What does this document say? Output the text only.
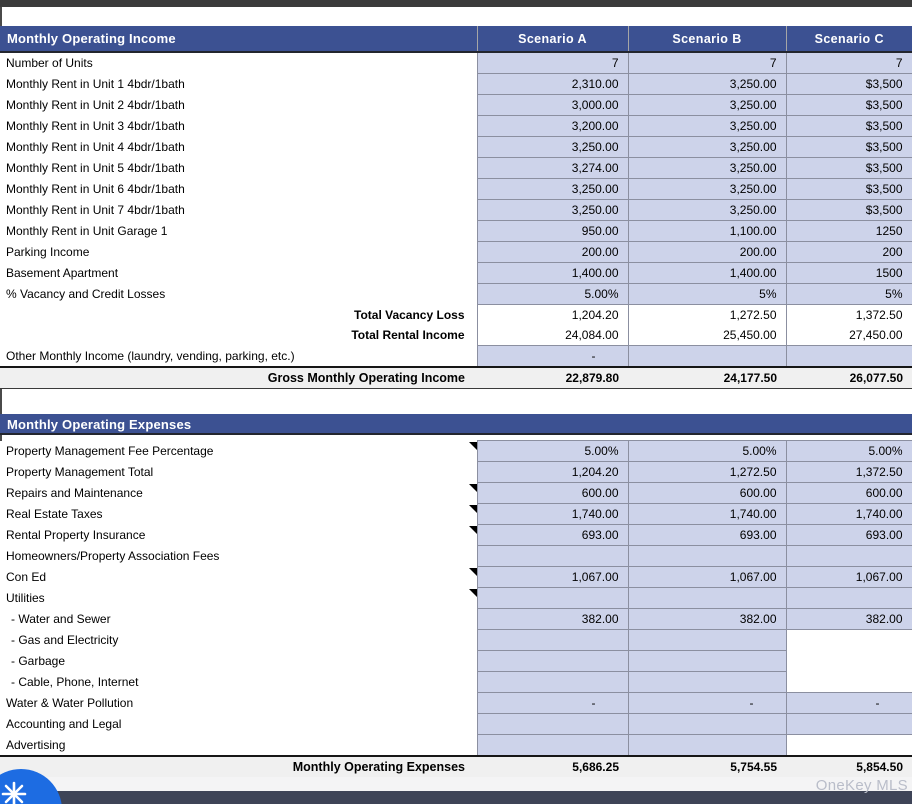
Monthly Operating Income	Scenario A	Scenario B	Scenario C
Number of Units	7	7	7
Monthly Rent in Unit 1 4bdr/1bath	2,310.00	3,250.00	$3,500
Monthly Rent in Unit 2 4bdr/1bath	3,000.00	3,250.00	$3,500
Monthly Rent in Unit 3 4bdr/1bath	3,200.00	3,250.00	$3,500
Monthly Rent in Unit 4 4bdr/1bath	3,250.00	3,250.00	$3,500
Monthly Rent in Unit 5 4bdr/1bath	3,274.00	3,250.00	$3,500
Monthly Rent in Unit 6 4bdr/1bath	3,250.00	3,250.00	$3,500
Monthly Rent in Unit 7 4bdr/1bath	3,250.00	3,250.00	$3,500
Monthly Rent in Unit Garage 1	950.00	1,100.00	1250
Parking Income	200.00	200.00	200
Basement Apartment	1,400.00	1,400.00	1500
% Vacancy and Credit Losses	5.00%	5%	5%
Total Vacancy Loss	1,204.20	1,272.50	1,372.50
Total Rental Income	24,084.00	25,450.00	27,450.00
Other Monthly Income (laundry, vending, parking, etc.)	-		
Gross Monthly Operating Income	22,879.80	24,177.50	26,077.50
Monthly Operating Expenses
Property Management Fee Percentage	5.00%	5.00%	5.00%
Property Management Total	1,204.20	1,272.50	1,372.50
Repairs and Maintenance	600.00	600.00	600.00
Real Estate Taxes	1,740.00	1,740.00	1,740.00
Rental Property Insurance	693.00	693.00	693.00
Homeowners/Property Association Fees			
Con Ed	1,067.00	1,067.00	1,067.00
Utilities

- Water and Sewer	382.00	382.00	382.00
- Gas and Electricity			
- Garbage			
- Cable, Phone, Internet			
Water & Water Pollution	-	-	-
Accounting and Legal			
Advertising			
Monthly Operating Expenses	5,686.25	5,754.55	5,854.50
OneKey MLS
